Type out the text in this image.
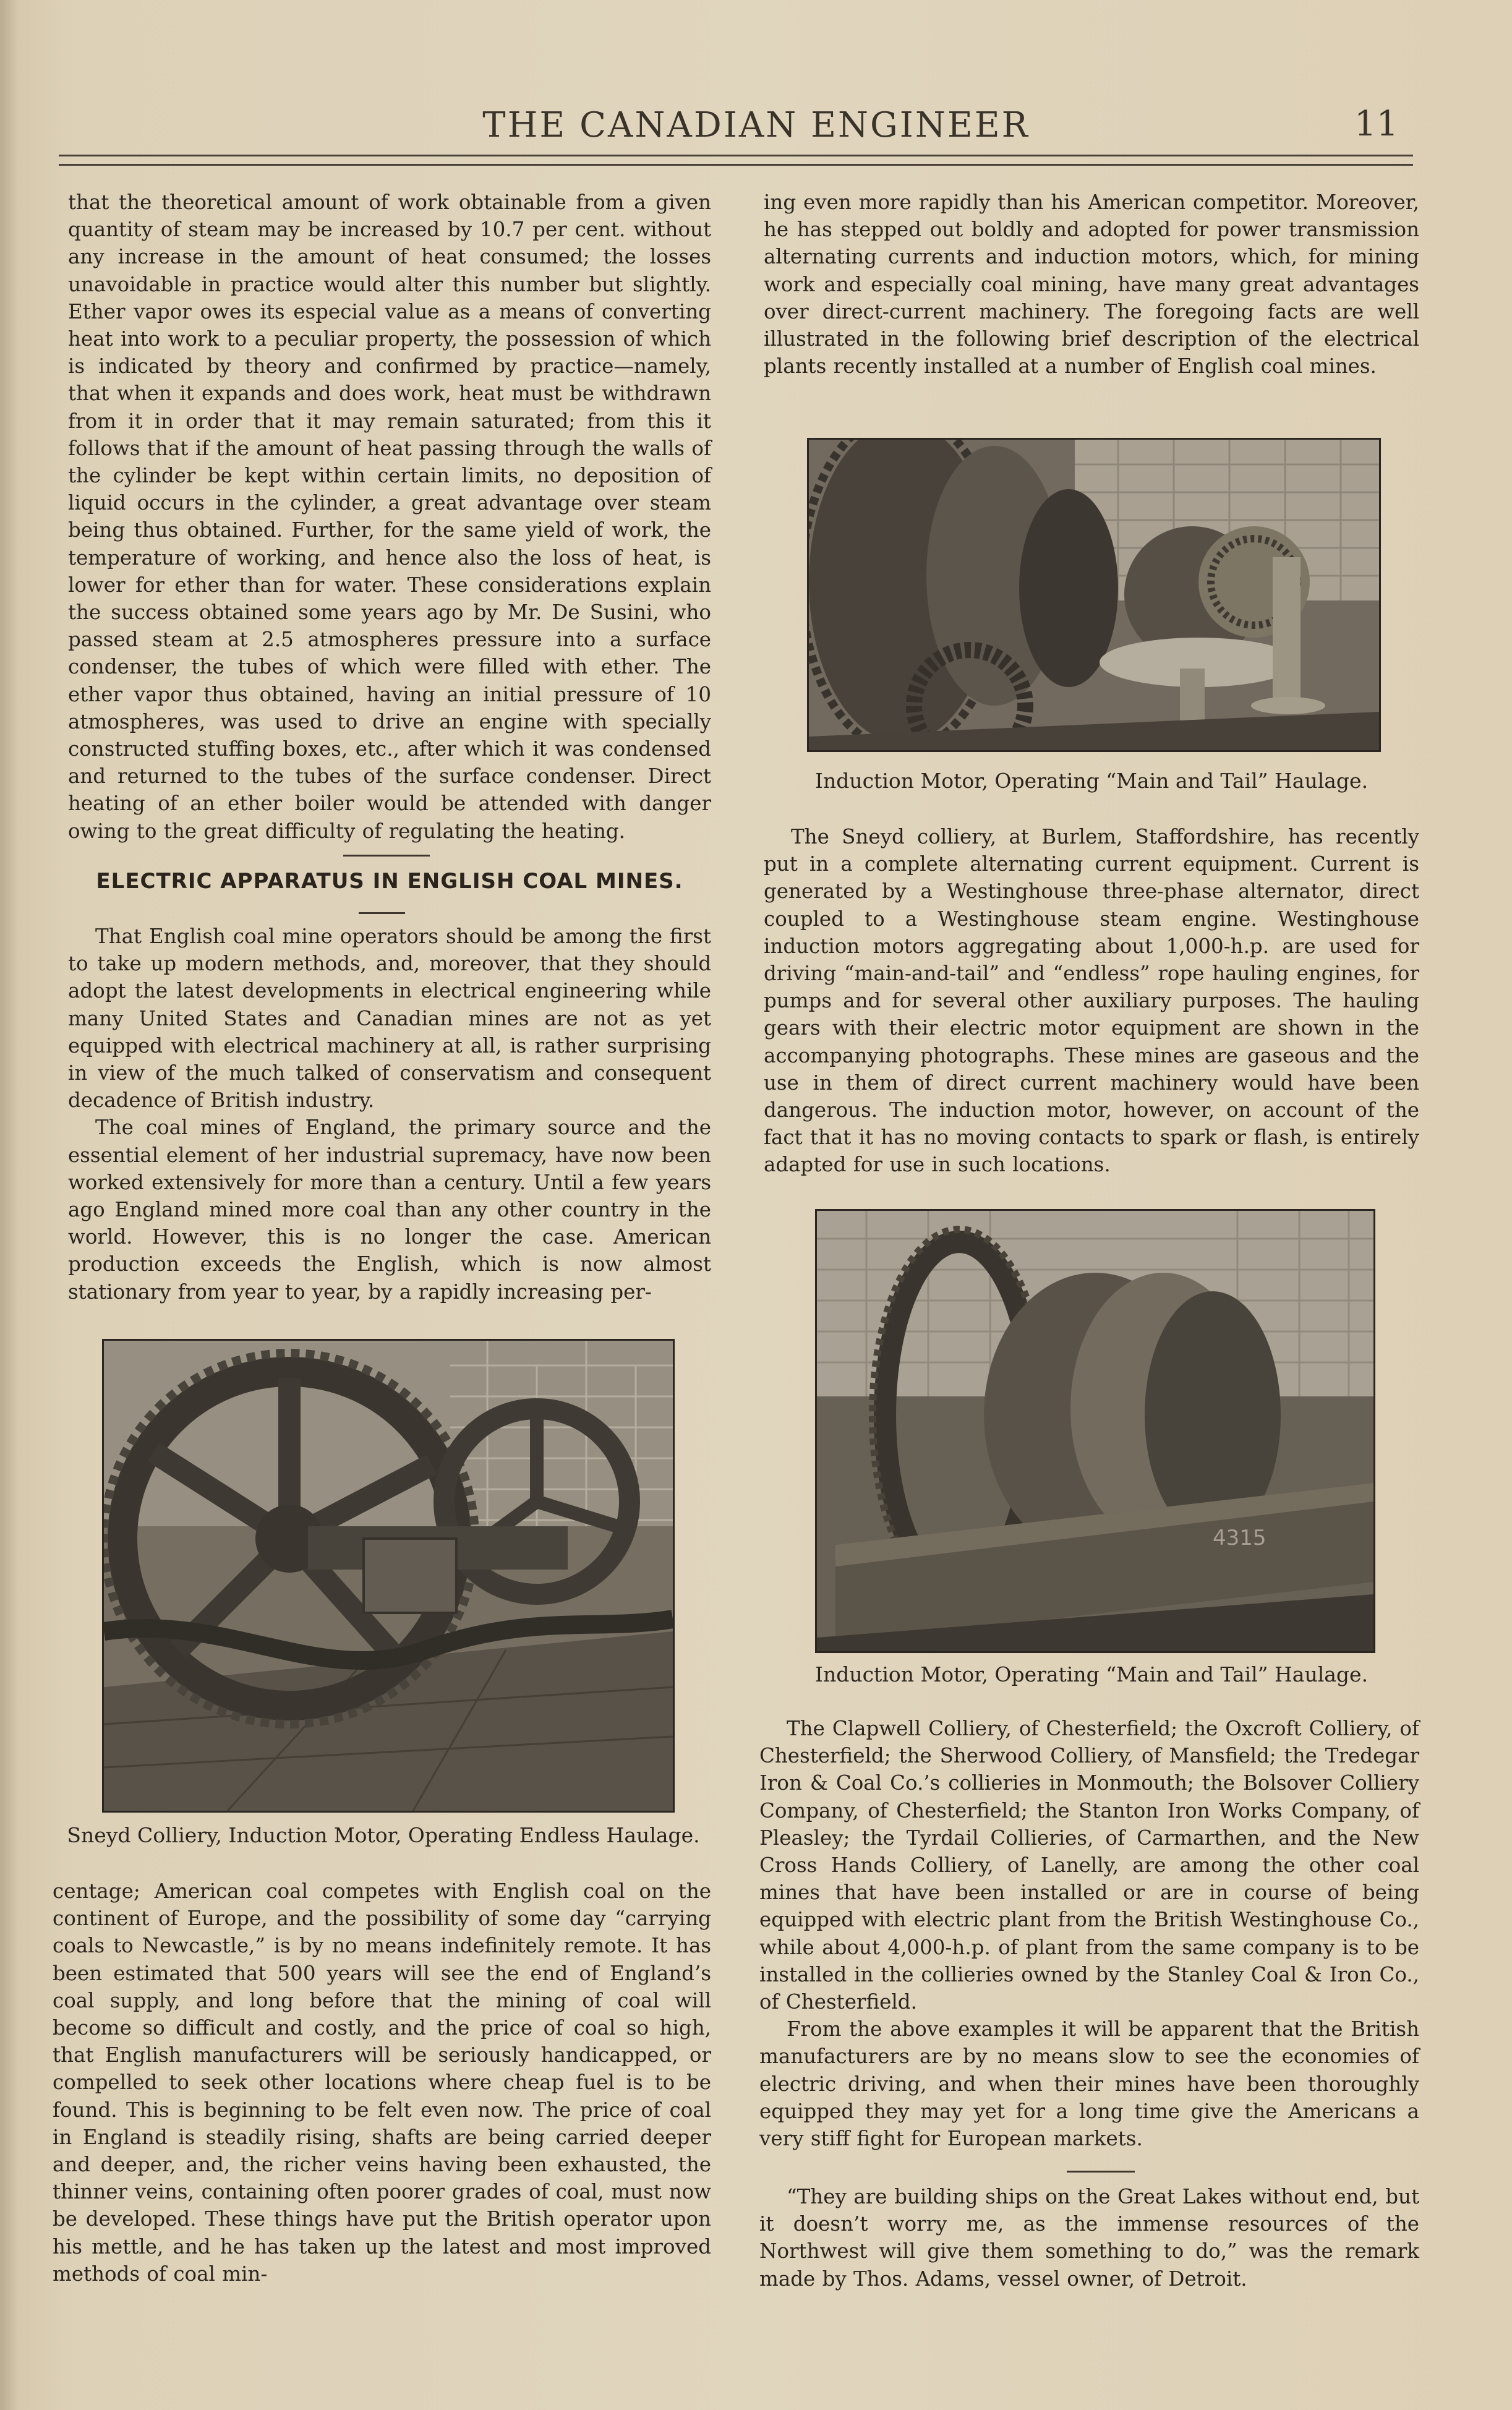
THE CANADIAN ENGINEER	11

that the theoretical amount of work obtainable from a given quantity of steam may be increased by 10.7 per cent. without any increase in the amount of heat consumed; the losses unavoidable in practice would alter this number but slightly. Ether vapor owes its especial value as a means of converting heat into work to a peculiar property, the possession of which is indicated by theory and confirmed by practice—namely, that when it expands and does work, heat must be withdrawn from it in order that it may remain saturated; from this it follows that if the amount of heat passing through the walls of the cylinder be kept within certain limits, no deposition of liquid occurs in the cylinder, a great advantage over steam being thus obtained. Further, for the same yield of work, the temperature of working, and hence also the loss of heat, is lower for ether than for water. These considerations explain the success obtained some years ago by Mr. De Susini, who passed steam at 2.5 atmospheres pressure into a surface condenser, the tubes of which were filled with ether. The ether vapor thus obtained, having an initial pressure of 10 atmospheres, was used to drive an engine with specially constructed stuffing boxes, etc., after which it was condensed and returned to the tubes of the surface condenser. Direct heating of an ether boiler would be attended with danger owing to the great difficulty of regulating the heating.

ELECTRIC APPARATUS IN ENGLISH COAL MINES.

That English coal mine operators should be among the first to take up modern methods, and, moreover, that they should adopt the latest developments in electrical engineering while many United States and Canadian mines are not as yet equipped with electrical machinery at all, is rather surprising in view of the much talked of conservatism and consequent decadence of British industry.

The coal mines of England, the primary source and the essential element of her industrial supremacy, have now been worked extensively for more than a century. Until a few years ago England mined more coal than any other country in the world. However, this is no longer the case. American production exceeds the English, which is now almost stationary from year to year, by a rapidly increasing per-

Sneyd Colliery, Induction Motor, Operating Endless Haulage.

centage; American coal competes with English coal on the continent of Europe, and the possibility of some day “carrying coals to Newcastle,” is by no means indefinitely remote. It has been estimated that 500 years will see the end of England’s coal supply, and long before that the mining of coal will become so difficult and costly, and the price of coal so high, that English manufacturers will be seriously handicapped, or compelled to seek other locations where cheap fuel is to be found. This is beginning to be felt even now. The price of coal in England is steadily rising, shafts are being carried deeper and deeper, and, the richer veins having been exhausted, the thinner veins, containing often poorer grades of coal, must now be developed. These things have put the British operator upon his mettle, and he has taken up the latest and most improved methods of coal min-

ing even more rapidly than his American competitor. Moreover, he has stepped out boldly and adopted for power transmission alternating currents and induction motors, which, for mining work and especially coal mining, have many great advantages over direct-current machinery. The foregoing facts are well illustrated in the following brief description of the electrical plants recently installed at a number of English coal mines.

Induction Motor, Operating “Main and Tail” Haulage.

The Sneyd colliery, at Burlem, Staffordshire, has recently put in a complete alternating current equipment. Current is generated by a Westinghouse three-phase alternator, direct coupled to a Westinghouse steam engine. Westinghouse induction motors aggregating about 1,000-h.p. are used for driving “main-and-tail” and “endless” rope hauling engines, for pumps and for several other auxiliary purposes. The hauling gears with their electric motor equipment are shown in the accompanying photographs. These mines are gaseous and the use in them of direct current machinery would have been dangerous. The induction motor, however, on account of the fact that it has no moving contacts to spark or flash, is entirely adapted for use in such locations.

4315
Induction Motor, Operating “Main and Tail” Haulage.

The Clapwell Colliery, of Chesterfield; the Oxcroft Colliery, of Chesterfield; the Sherwood Colliery, of Mansfield; the Tredegar Iron & Coal Co.’s collieries in Monmouth; the Bolsover Colliery Company, of Chesterfield; the Stanton Iron Works Company, of Pleasley; the Tyrdail Collieries, of Carmarthen, and the New Cross Hands Colliery, of Lanelly, are among the other coal mines that have been installed or are in course of being equipped with electric plant from the British Westinghouse Co., while about 4,000-h.p. of plant from the same company is to be installed in the collieries owned by the Stanley Coal & Iron Co., of Chesterfield.

From the above examples it will be apparent that the British manufacturers are by no means slow to see the economies of electric driving, and when their mines have been thoroughly equipped they may yet for a long time give the Americans a very stiff fight for European markets.

“They are building ships on the Great Lakes without end, but it doesn’t worry me, as the immense resources of the Northwest will give them something to do,” was the remark made by Thos. Adams, vessel owner, of Detroit.
